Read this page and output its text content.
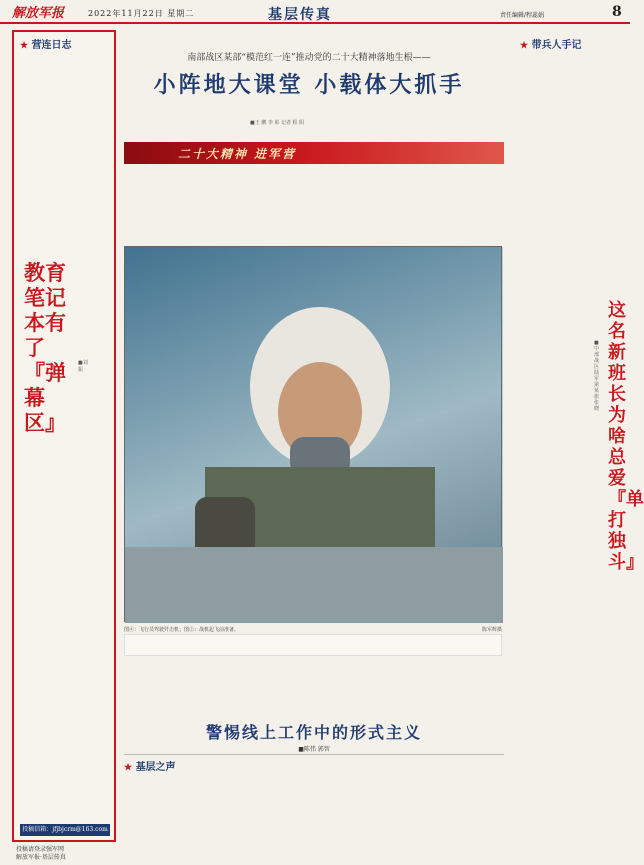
解放军报	2022年11月22日 星期二	基层传真	责任编辑/程蕊娟	8
★ 营连日志
教育笔记本有了『弹幕区』
■刘 振
投稿信箱：jfjbjcrm@163.com
投稿请登录强军网
解放军报·基层传真
南部战区某部“模范红一连”推动党的二十大精神落地生根——
小阵地大课堂 小载体大抓手
■王 鹏 李 彰 记者 程 阳
二十大精神 进军营
图④：飞行员驾驶歼击机；图②：战机起飞前准备。	陈军辉摄
警惕线上工作中的形式主义
■陈伟 郭智
★ 基层之声
★ 带兵人手记
这名新班长为啥总爱『单打独斗』
■中部战区陆军第某旅 张 晓
